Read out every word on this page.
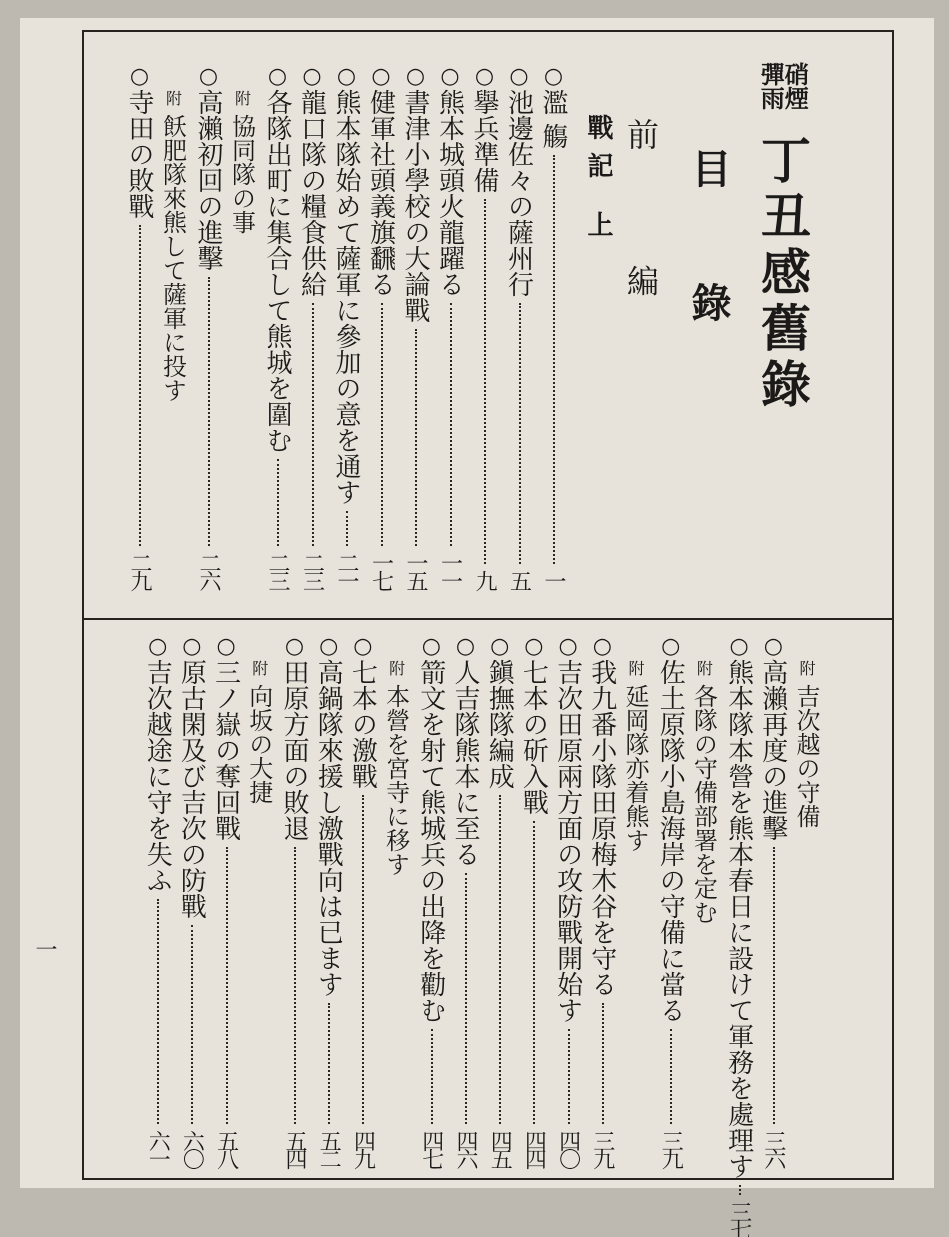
一
硝煙
彈雨
丁丑感舊錄
目 錄
前 編
戰記 上
○
濫 觴
一
○
池邊佐々の薩州行
五
○
擧兵準備
九
○
熊本城頭火龍躍る
一一
○
書津小學校の大論戰
一五
○
健軍社頭義旗飜る
一七
○
熊本隊始めて薩軍に參加の意を通す
二一
○
龍口隊の糧食供給
二三
○
各隊出町に集合して熊城を圍む
二三
附
協同隊の事
○
高瀨初回の進擊
二六
附
飫肥隊來熊して薩軍に投す
○
寺田の敗戰
二九
附
吉次越の守備
○
高瀨再度の進擊
三六
○
熊本隊本營を熊本春日に設けて軍務を處理す
三七
附
各隊の守備部署を定む
○
佐土原隊小島海岸の守備に當る
三九
附
延岡隊亦着熊す
○
我九番小隊田原梅木谷を守る
三九
○
吉次田原兩方面の攻防戰開始す
四〇
○
七本の斫入戰
四四
○
鎭撫隊編成
四五
○
人吉隊熊本に至る
四六
○
箭文を射て熊城兵の出降を勸む
四七
附
本營を宮寺に移す
○
七本の激戰
四九
○
高鍋隊來援し激戰向は已ます
五二
○
田原方面の敗退
五四
附
向坂の大捷
○
三ノ嶽の奪回戰
五八
○
原古閑及び吉次の防戰
六〇
○
吉次越途に守を失ふ
六一
